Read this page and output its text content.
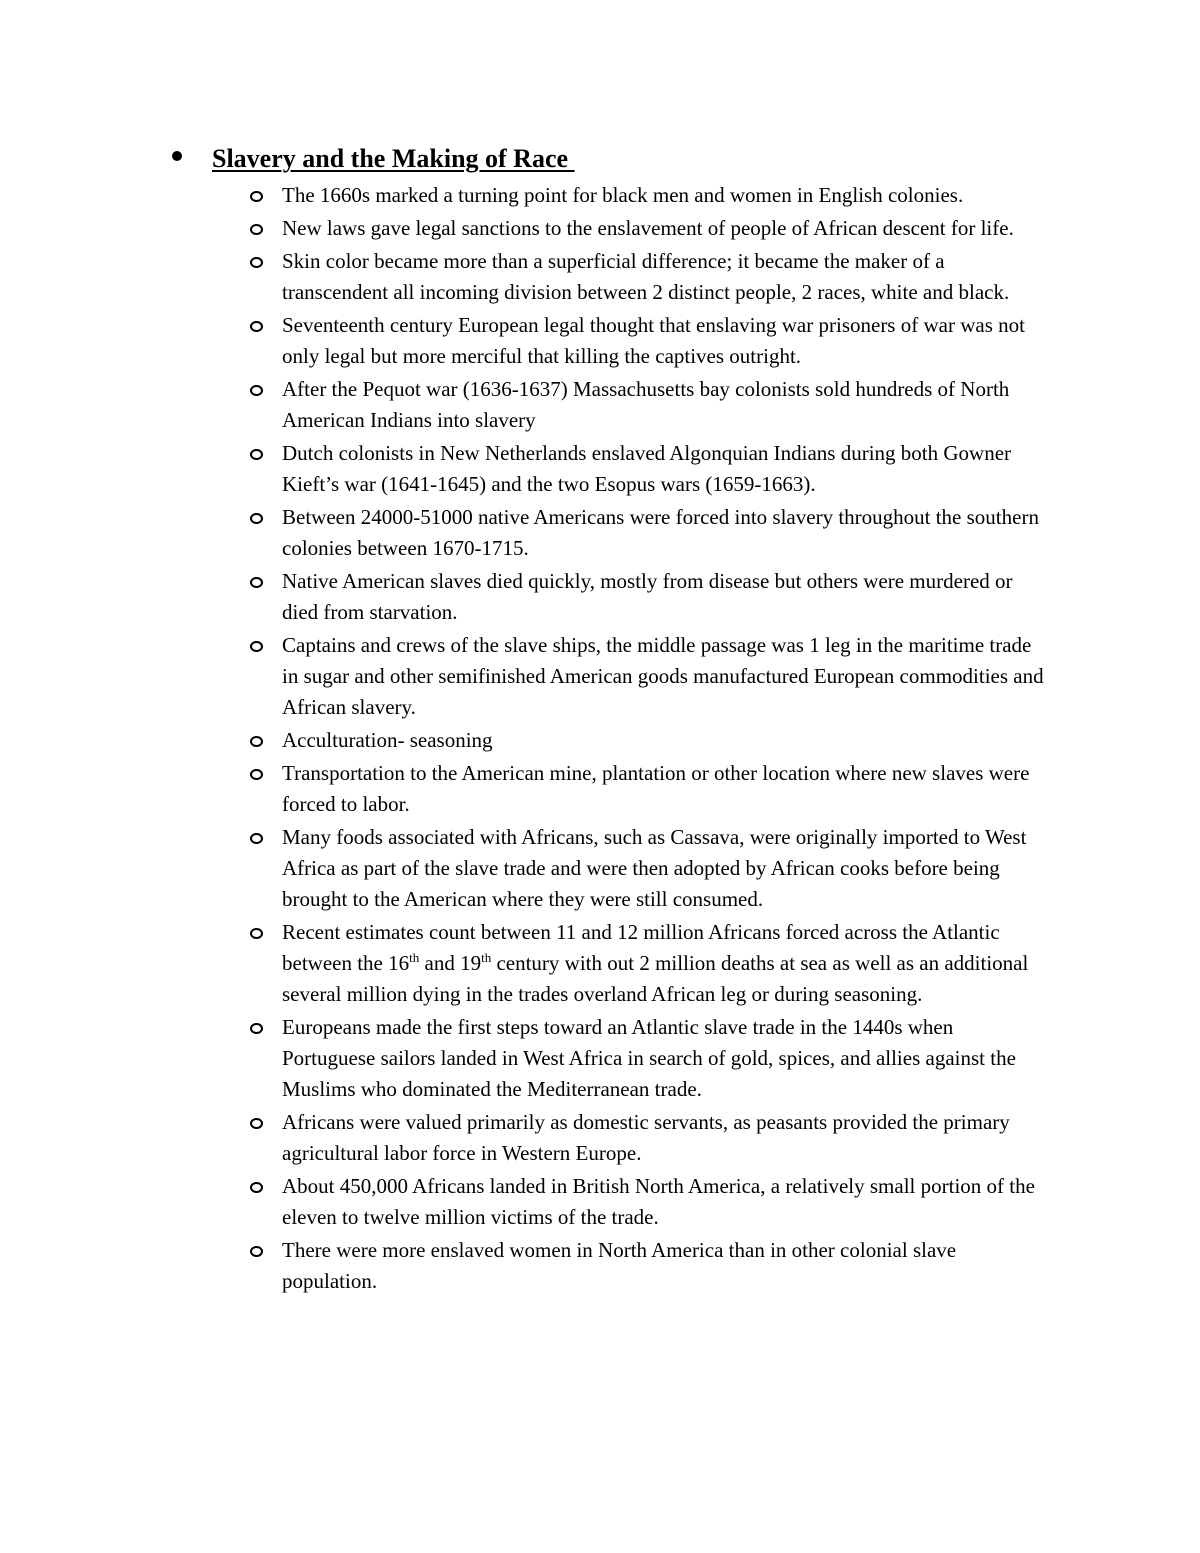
Slavery and the Making of Race
The 1660s marked a turning point for black men and women in English colonies.
New laws gave legal sanctions to the enslavement of people of African descent for life.
Skin color became more than a superficial difference; it became the maker of a transcendent all incoming division between 2 distinct people, 2 races, white and black.
Seventeenth century European legal thought that enslaving war prisoners of war was not only legal but more merciful that killing the captives outright.
After the Pequot war (1636-1637) Massachusetts bay colonists sold hundreds of North American Indians into slavery
Dutch colonists in New Netherlands enslaved Algonquian Indians during both Gowner Kieft’s war (1641-1645) and the two Esopus wars (1659-1663).
Between 24000-51000 native Americans were forced into slavery throughout the southern colonies between 1670-1715.
Native American slaves died quickly, mostly from disease but others were murdered or died from starvation.
Captains and crews of the slave ships, the middle passage was 1 leg in the maritime trade in sugar and other semifinished American goods manufactured European commodities and African slavery.
Acculturation- seasoning
Transportation to the American mine, plantation or other location where new slaves were forced to labor.
Many foods associated with Africans, such as Cassava, were originally imported to West Africa as part of the slave trade and were then adopted by African cooks before being brought to the American where they were still consumed.
Recent estimates count between 11 and 12 million Africans forced across the Atlantic between the 16th and 19th century with out 2 million deaths at sea as well as an additional several million dying in the trades overland African leg or during seasoning.
Europeans made the first steps toward an Atlantic slave trade in the 1440s when Portuguese sailors landed in West Africa in search of gold, spices, and allies against the Muslims who dominated the Mediterranean trade.
Africans were valued primarily as domestic servants, as peasants provided the primary agricultural labor force in Western Europe.
About 450,000 Africans landed in British North America, a relatively small portion of the eleven to twelve million victims of the trade.
There were more enslaved women in North America than in other colonial slave population.
